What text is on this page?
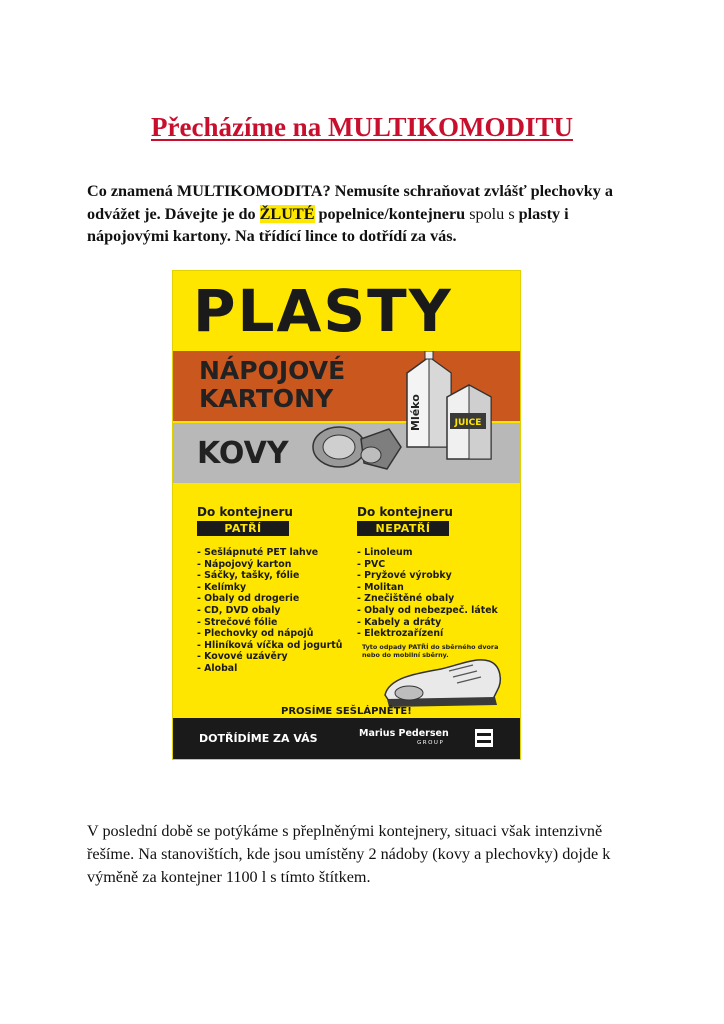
Přecházíme na MULTIKOMODITU
Co znamená MULTIKOMODITA? Nemusíte schraňovat zvlášť plechovky a odvážet je. Dávejte je do ŽLUTÉ popelnice/kontejneru spolu s plasty i nápojovými kartony. Na třídící lince to dotřídí za vás.
PLASTY
NÁPOJOVÉ
KARTONY
KOVY
Mléko	JUICE
Do kontejneru
PATŘÍ
- Sešlápnuté PET lahve
- Nápojový karton
- Sáčky, tašky, fólie
- Kelímky
- Obaly od drogerie
- CD, DVD obaly
- Strečové fólie
- Plechovky od nápojů
- Hliníková víčka od jogurtů
- Kovové uzávěry
- Alobal
Do kontejneru
NEPATŘÍ
- Linoleum
- PVC
- Pryžové výrobky
- Molitan
- Znečištěné obaly
- Obaly od nebezpeč. látek
- Kabely a dráty
- Elektrozařízení
Tyto odpady PATŘÍ do sběrného dvora
nebo do mobilní sběrny.
PROSÍME SEŠLÁPNĚTE!
DOTŘÍDÍME ZA VÁS	Marius Pedersen
GROUP
V poslední době se potýkáme s přeplněnými kontejnery, situaci však intenzivně řešíme. Na stanovištích, kde jsou umístěny 2 nádoby (kovy a plechovky) dojde k výměně za kontejner 1100 l s tímto štítkem.
